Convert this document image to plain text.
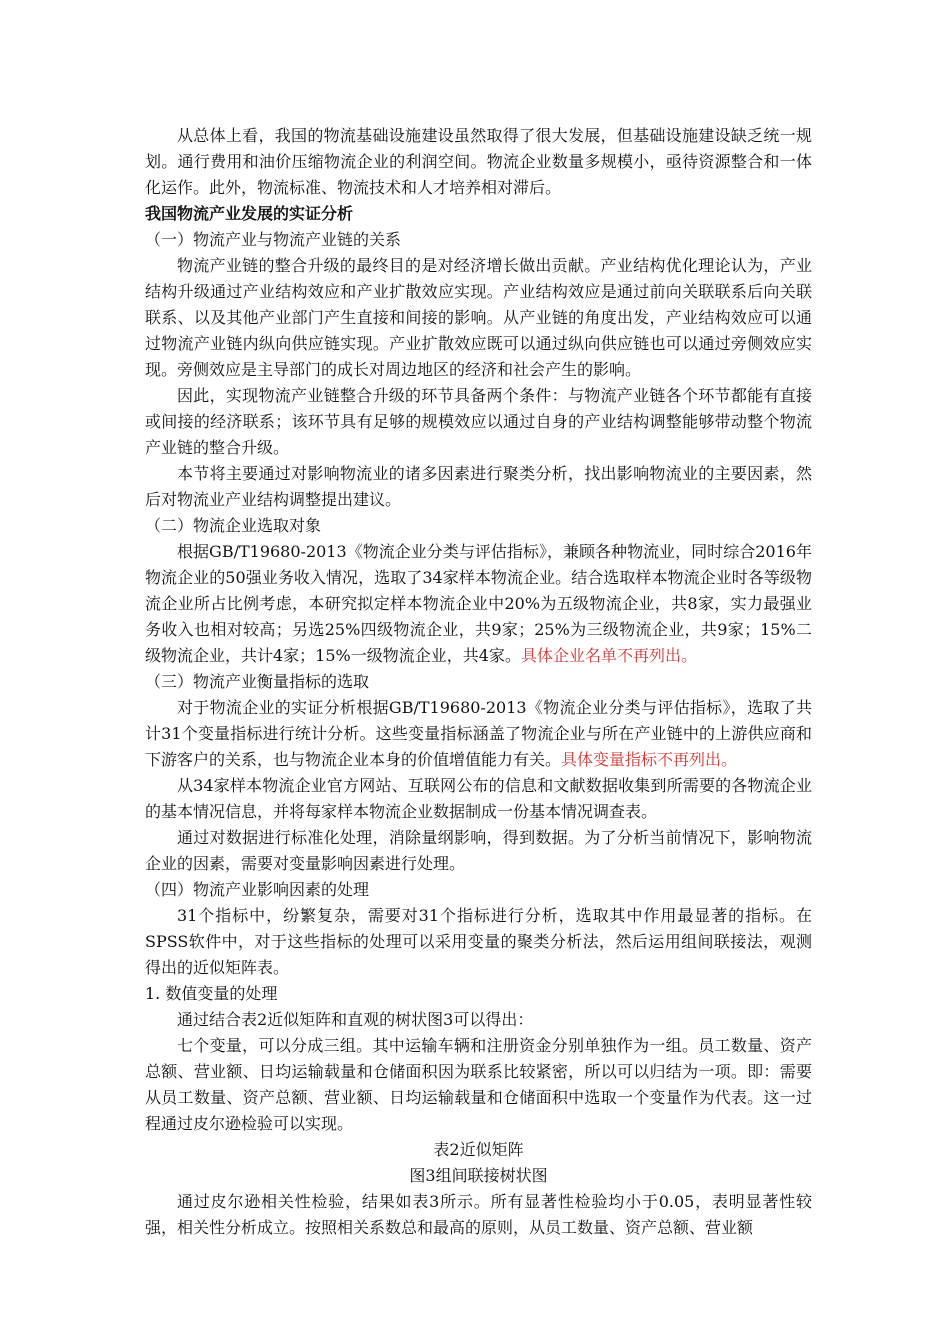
从总体上看，我国的物流基础设施建设虽然取得了很大发展，但基础设施建设缺乏统一规划。通行费用和油价压缩物流企业的利润空间。物流企业数量多规模小，亟待资源整合和一体化运作。此外，物流标准、物流技术和人才培养相对滞后。

我国物流产业发展的实证分析

（一）物流产业与物流产业链的关系

物流产业链的整合升级的最终目的是对经济增长做出贡献。产业结构优化理论认为，产业结构升级通过产业结构效应和产业扩散效应实现。产业结构效应是通过前向关联联系后向关联联系、以及其他产业部门产生直接和间接的影响。从产业链的角度出发，产业结构效应可以通过物流产业链内纵向供应链实现。产业扩散效应既可以通过纵向供应链也可以通过旁侧效应实现。旁侧效应是主导部门的成长对周边地区的经济和社会产生的影响。

因此，实现物流产业链整合升级的环节具备两个条件：与物流产业链各个环节都能有直接或间接的经济联系；该环节具有足够的规模效应以通过自身的产业结构调整能够带动整个物流产业链的整合升级。

本节将主要通过对影响物流业的诸多因素进行聚类分析，找出影响物流业的主要因素，然后对物流业产业结构调整提出建议。

（二）物流企业选取对象

根据GB/T19680-2013《物流企业分类与评估指标》，兼顾各种物流业，同时综合2016年物流企业的50强业务收入情况，选取了34家样本物流企业。结合选取样本物流企业时各等级物流企业所占比例考虑，本研究拟定样本物流企业中20%为五级物流企业，共8家，实力最强业务收入也相对较高；另选25%四级物流企业，共9家；25%为三级物流企业，共9家；15%二级物流企业，共计4家；15%一级物流企业，共4家。具体企业名单不再列出。

（三）物流产业衡量指标的选取

对于物流企业的实证分析根据GB/T19680-2013《物流企业分类与评估指标》，选取了共计31个变量指标进行统计分析。这些变量指标涵盖了物流企业与所在产业链中的上游供应商和下游客户的关系，也与物流企业本身的价值增值能力有关。具体变量指标不再列出。

从34家样本物流企业官方网站、互联网公布的信息和文献数据收集到所需要的各物流企业的基本情况信息，并将每家样本物流企业数据制成一份基本情况调查表。

通过对数据进行标准化处理，消除量纲影响，得到数据。为了分析当前情况下，影响物流企业的因素，需要对变量影响因素进行处理。

（四）物流产业影响因素的处理

31个指标中，纷繁复杂，需要对31个指标进行分析，选取其中作用最显著的指标。在SPSS软件中，对于这些指标的处理可以采用变量的聚类分析法，然后运用组间联接法，观测得出的近似矩阵表。

1. 数值变量的处理

通过结合表2近似矩阵和直观的树状图3可以得出：

七个变量，可以分成三组。其中运输车辆和注册资金分别单独作为一组。员工数量、资产总额、营业额、日均运输载量和仓储面积因为联系比较紧密，所以可以归结为一项。即：需要从员工数量、资产总额、营业额、日均运输载量和仓储面积中选取一个变量作为代表。这一过程通过皮尔逊检验可以实现。

表2近似矩阵

图3组间联接树状图

通过皮尔逊相关性检验，结果如表3所示。所有显著性检验均小于0.05，表明显著性较强，相关性分析成立。按照相关系数总和最高的原则，从员工数量、资产总额、营业额
